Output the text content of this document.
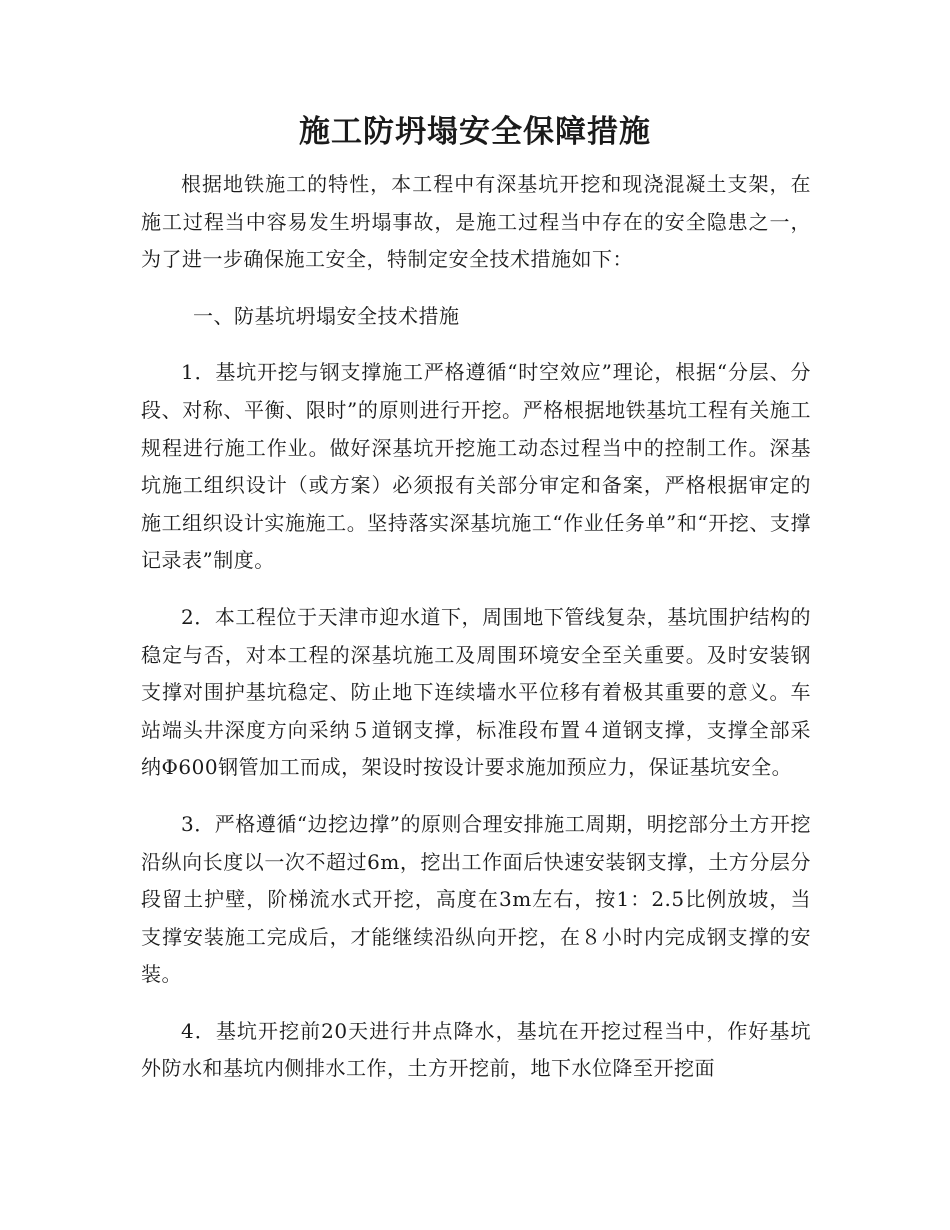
施工防坍塌安全保障措施

根据地铁施工的特性，本工程中有深基坑开挖和现浇混凝土支架，在施工过程当中容易发生坍塌事故，是施工过程当中存在的安全隐患之一，为了进一步确保施工安全，特制定安全技术措施如下：

一、防基坑坍塌安全技术措施

1．基坑开挖与钢支撑施工严格遵循“时空效应”理论，根据“分层、分段、对称、平衡、限时”的原则进行开挖。严格根据地铁基坑工程有关施工规程进行施工作业。做好深基坑开挖施工动态过程当中的控制工作。深基坑施工组织设计（或方案）必须报有关部分审定和备案，严格根据审定的施工组织设计实施施工。坚持落实深基坑施工“作业任务单”和“开挖、支撑记录表”制度。

2．本工程位于天津市迎水道下，周围地下管线复杂，基坑围护结构的稳定与否，对本工程的深基坑施工及周围环境安全至关重要。及时安装钢支撑对围护基坑稳定、防止地下连续墙水平位移有着极其重要的意义。车站端头井深度方向采纳５道钢支撑，标准段布置４道钢支撑，支撑全部采纳Φ600钢管加工而成，架设时按设计要求施加预应力，保证基坑安全。

3．严格遵循“边挖边撑”的原则合理安排施工周期，明挖部分土方开挖沿纵向长度以一次不超过6m，挖出工作面后快速安装钢支撑，土方分层分段留土护壁，阶梯流水式开挖，高度在3m左右，按1：2.5比例放坡，当支撑安装施工完成后，才能继续沿纵向开挖，在８小时内完成钢支撑的安装。

4．基坑开挖前20天进行井点降水，基坑在开挖过程当中，作好基坑外防水和基坑内侧排水工作，土方开挖前，地下水位降至开挖面
